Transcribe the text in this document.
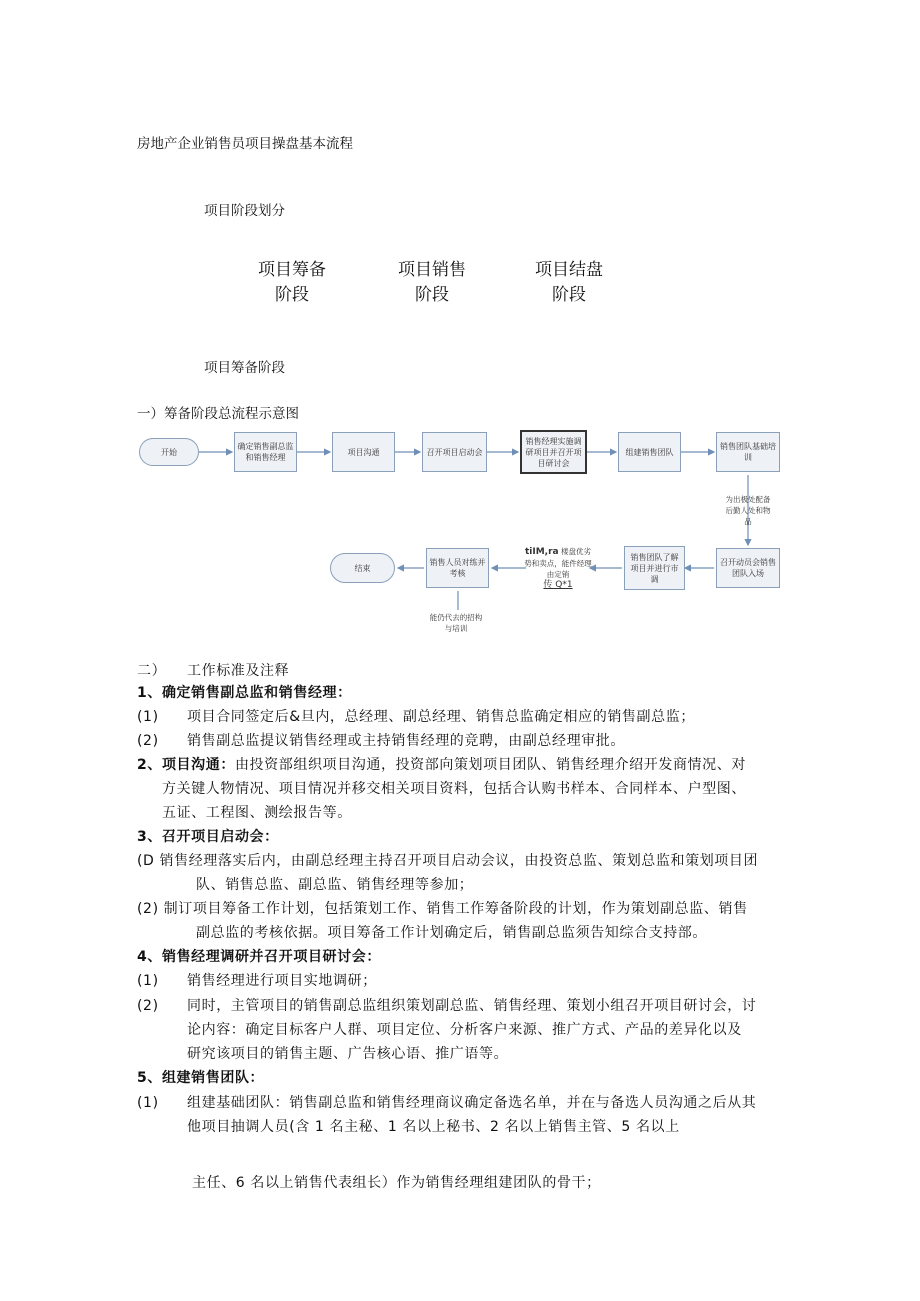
房地产企业销售员项目操盘基本流程
项目阶段划分
项目筹备
阶段
项目销售
阶段
项目结盘
阶段
项目筹备阶段
一）筹备阶段总流程示意图
开始
确定销售副总监和销售经理
项目沟通	召开项目启动会
销售经理实施调研项目并召开项目研讨会
组建销售团队
销售团队基础培训
为出极处配备后勤人处和物品
召开动员会销售团队入场
销售团队了解项目并进行市调
tiIM,ra 楼盘优劣势和卖点，能件经理由定销
传 Q*1
销售人员对练并考核
结束
能仍代去的招构与培训
二） 工作标准及注释
1、确定销售副总监和销售经理：
(1) 项目合同签定后&旦内，总经理、副总经理、销售总监确定相应的销售副总监；
(2) 销售副总监提议销售经理或主持销售经理的竞聘，由副总经理审批。
2、项目沟通：由投资部组织项目沟通，投资部向策划项目团队、销售经理介绍开发商情况、对
方关键人物情况、项目情况并移交相关项目资料，包括合认购书样本、合同样本、户型图、
五证、工程图、测绘报告等。
3、召开项目启动会：
(D 销售经理落实后内，由副总经理主持召开项目启动会议，由投资总监、策划总监和策划项目团
队、销售总监、副总监、销售经理等参加；
(2) 制订项目筹备工作计划，包括策划工作、销售工作筹备阶段的计划，作为策划副总监、销售
副总监的考核依据。项目筹备工作计划确定后，销售副总监须告知综合支持部。
4、销售经理调研并召开项目研讨会：
(1) 销售经理进行项目实地调研；
(2) 同时，主管项目的销售副总监组织策划副总监、销售经理、策划小组召开项目研讨会，讨
论内容：确定目标客户人群、项目定位、分析客户来源、推广方式、产品的差异化以及
研究该项目的销售主题、广告核心语、推广语等。
5、组建销售团队：
(1) 组建基础团队：销售副总监和销售经理商议确定备选名单，并在与备选人员沟通之后从其
他项目抽调人员(含 1 名主秘、1 名以上秘书、2 名以上销售主管、5 名以上
主任、6 名以上销售代表组长）作为销售经理组建团队的骨干；
